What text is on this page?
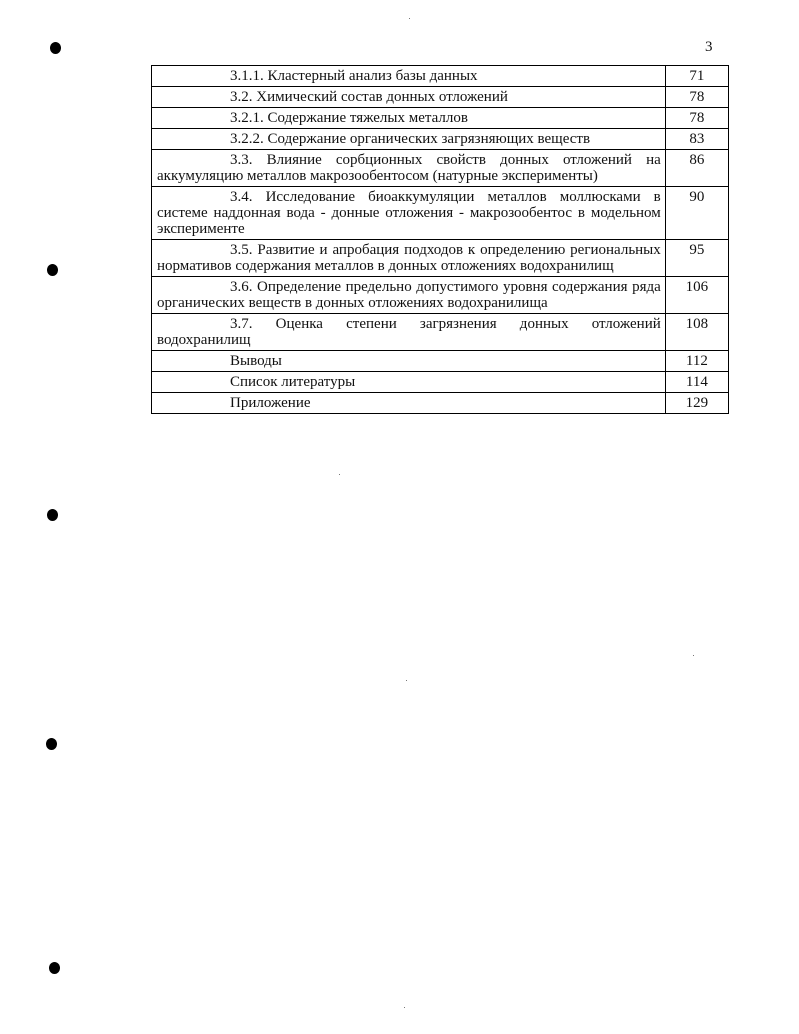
3
3.1.1. Кластерный анализ базы данных	71
3.2. Химический состав донных отложений	78
3.2.1. Содержание тяжелых металлов	78
3.2.2. Содержание органических загрязняющих веществ	83
3.3. Влияние сорбционных свойств донных отложений на аккумуляцию металлов макрозообентосом (натурные эксперименты)	86
3.4. Исследование биоаккумуляции металлов моллюсками в системе наддонная вода - донные отложения - макрозообентос в модельном эксперименте	90
3.5. Развитие и апробация подходов к определению региональных нормативов содержания металлов в донных отложениях водохранилищ	95
3.6. Определение предельно допустимого уровня содержания ряда органических веществ в донных отложениях водохранилища	106
3.7. Оценка степени загрязнения донных отложений водохранилищ	108
Выводы	112
Список литературы	114
Приложение	129
